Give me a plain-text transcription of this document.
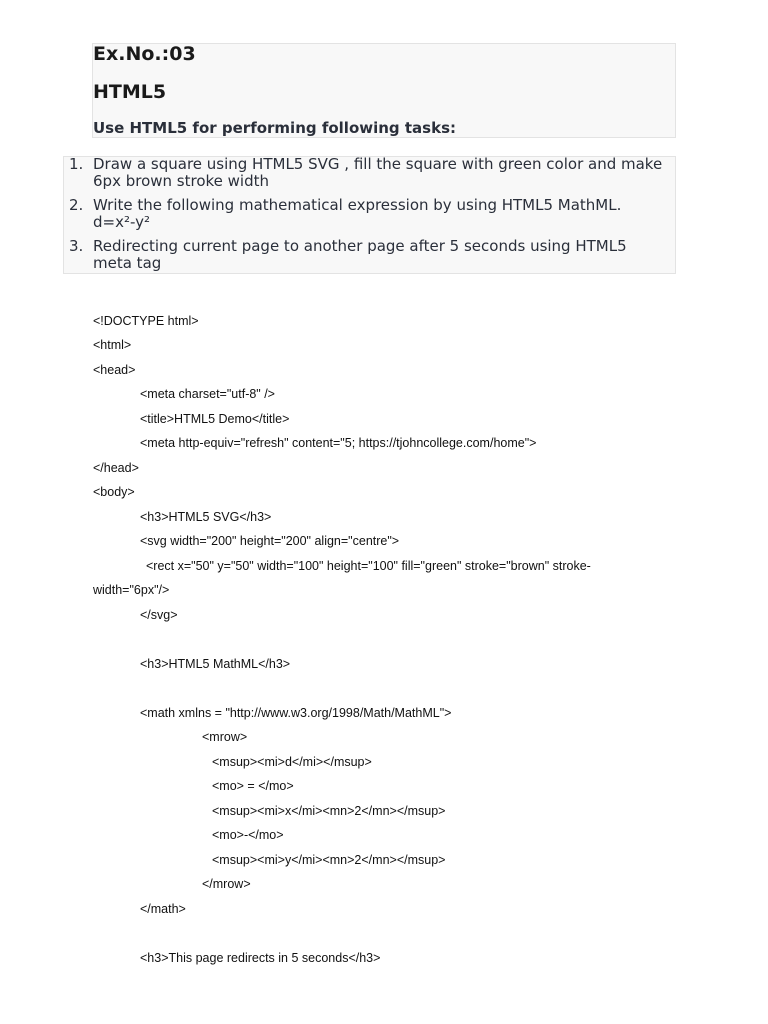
Ex.No.:03
HTML5
Use HTML5 for performing following tasks:
1. Draw a square using HTML5 SVG , fill the square with green color and make 6px brown stroke width
2. Write the following mathematical expression by using HTML5 MathML. d=x²-y²
3. Redirecting current page to another page after 5 seconds using HTML5 meta tag

<!DOCTYPE html>

<html>

<head>

<meta charset="utf-8" />

<title>HTML5 Demo</title>

<meta http-equiv="refresh" content="5; https://tjohncollege.com/home">

</head>

<body>

<h3>HTML5 SVG</h3>

<svg width="200" height="200" align="centre">

<rect x="50" y="50" width="100" height="100" fill="green" stroke="brown" stroke-

width="6px"/>

</svg>

<h3>HTML5 MathML</h3>

<math xmlns = "http://www.w3.org/1998/Math/MathML">

<mrow>

<msup><mi>d</mi></msup>

<mo> = </mo>

<msup><mi>x</mi><mn>2</mn></msup>

<mo>-</mo>

<msup><mi>y</mi><mn>2</mn></msup>

</mrow>

</math>

<h3>This page redirects in 5 seconds</h3>
